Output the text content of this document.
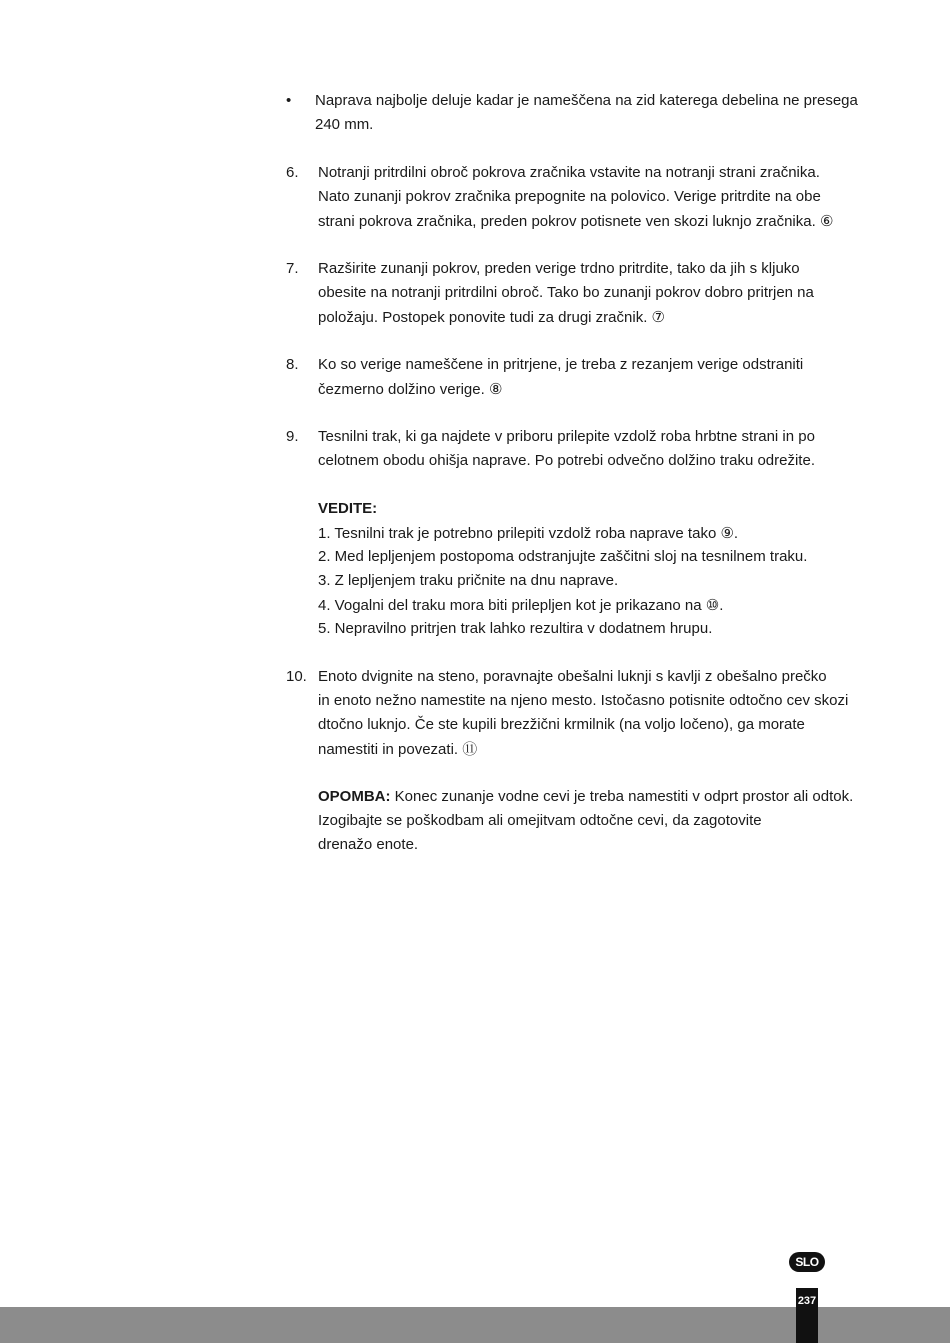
• Naprava najbolje deluje kadar je nameščena na zid katerega debelina ne presega
240 mm.
6. Notranji pritrdilni obroč pokrova zračnika vstavite na notranji strani zračnika.
Nato zunanji pokrov zračnika prepognite na polovico. Verige pritrdite na obe
strani pokrova zračnika, preden pokrov potisnete ven skozi luknjo zračnika. ⑥
7. Razširite zunanji pokrov, preden verige trdno pritrdite, tako da jih s kljuko
obesite na notranji pritrdilni obroč. Tako bo zunanji pokrov dobro pritrjen na
položaju. Postopek ponovite tudi za drugi zračnik. ⑦
8. Ko so verige nameščene in pritrjene, je treba z rezanjem verige odstraniti
čezmerno dolžino verige. ⑧
9. Tesnilni trak, ki ga najdete v priboru prilepite vzdolž roba hrbtne strani in po
celotnem obodu ohišja naprave. Po potrebi odvečno dolžino traku odrežite.
VEDITE:
1. Tesnilni trak je potrebno prilepiti vzdolž roba naprave tako ⑨.
2. Med lepljenjem postopoma odstranjujte zaščitni sloj na tesnilnem traku.
3. Z lepljenjem traku pričnite na dnu naprave.
4. Vogalni del traku mora biti prilepljen kot je prikazano na ⑩.
5. Nepravilno pritrjen trak lahko rezultira v dodatnem hrupu.
10. Enoto dvignite na steno, poravnajte obešalni luknji s kavlji z obešalno prečko
in enoto nežno namestite na njeno mesto. Istočasno potisnite odtočno cev skozi
dtočno luknjo. Če ste kupili brezžični krmilnik (na voljo ločeno), ga morate
namestiti in povezati. ⑪
OPOMBA: Konec zunanje vodne cevi je treba namestiti v odprt prostor ali odtok.
Izogibajte se poškodbam ali omejitvam odtočne cevi, da zagotovite
drenažo enote.
SLO
237
